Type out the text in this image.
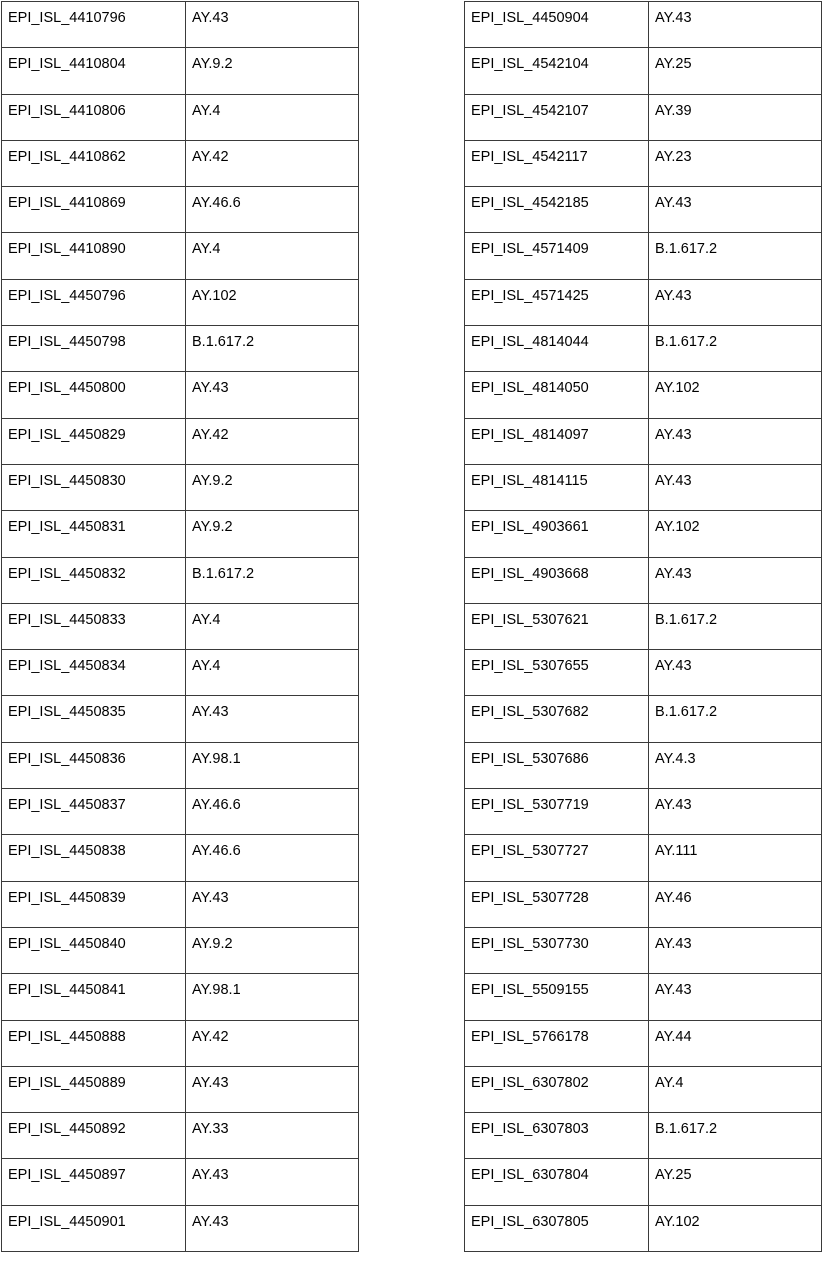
EPI_ISL_4410796	AY.43

EPI_ISL_4410804	AY.9.2

EPI_ISL_4410806	AY.4

EPI_ISL_4410862	AY.42

EPI_ISL_4410869	AY.46.6

EPI_ISL_4410890	AY.4

EPI_ISL_4450796	AY.102

EPI_ISL_4450798	B.1.617.2

EPI_ISL_4450800	AY.43

EPI_ISL_4450829	AY.42

EPI_ISL_4450830	AY.9.2

EPI_ISL_4450831	AY.9.2

EPI_ISL_4450832	B.1.617.2

EPI_ISL_4450833	AY.4

EPI_ISL_4450834	AY.4

EPI_ISL_4450835	AY.43

EPI_ISL_4450836	AY.98.1

EPI_ISL_4450837	AY.46.6

EPI_ISL_4450838	AY.46.6

EPI_ISL_4450839	AY.43

EPI_ISL_4450840	AY.9.2

EPI_ISL_4450841	AY.98.1

EPI_ISL_4450888	AY.42

EPI_ISL_4450889	AY.43

EPI_ISL_4450892	AY.33

EPI_ISL_4450897	AY.43

EPI_ISL_4450901	AY.43
EPI_ISL_4450904	AY.43

EPI_ISL_4542104	AY.25

EPI_ISL_4542107	AY.39

EPI_ISL_4542117	AY.23

EPI_ISL_4542185	AY.43

EPI_ISL_4571409	B.1.617.2

EPI_ISL_4571425	AY.43

EPI_ISL_4814044	B.1.617.2

EPI_ISL_4814050	AY.102

EPI_ISL_4814097	AY.43

EPI_ISL_4814115	AY.43

EPI_ISL_4903661	AY.102

EPI_ISL_4903668	AY.43

EPI_ISL_5307621	B.1.617.2

EPI_ISL_5307655	AY.43

EPI_ISL_5307682	B.1.617.2

EPI_ISL_5307686	AY.4.3

EPI_ISL_5307719	AY.43

EPI_ISL_5307727	AY.111

EPI_ISL_5307728	AY.46

EPI_ISL_5307730	AY.43

EPI_ISL_5509155	AY.43

EPI_ISL_5766178	AY.44

EPI_ISL_6307802	AY.4

EPI_ISL_6307803	B.1.617.2

EPI_ISL_6307804	AY.25

EPI_ISL_6307805	AY.102
